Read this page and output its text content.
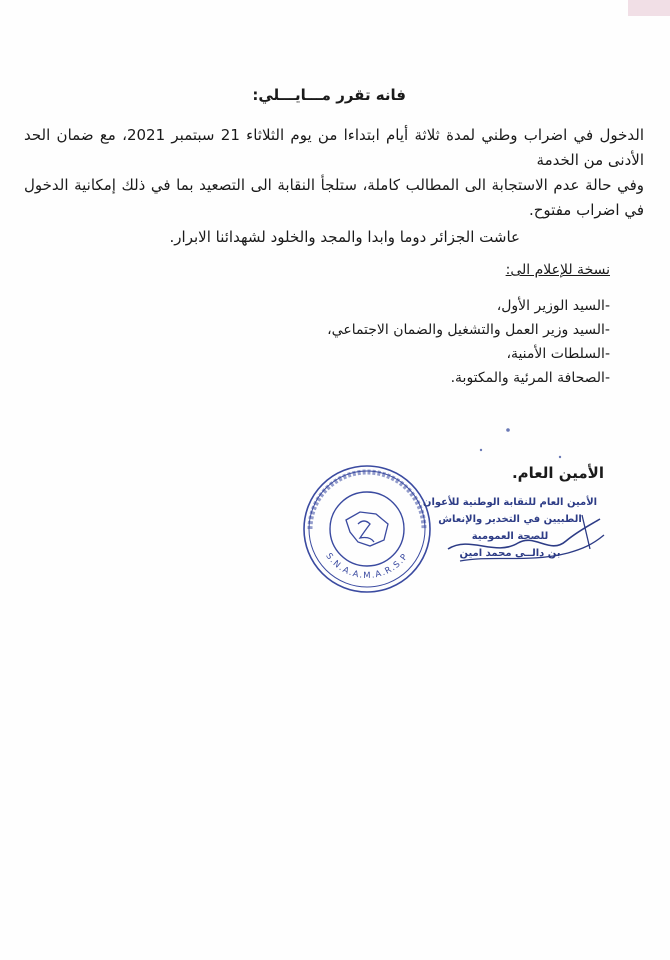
فانه تقرر مـــايـــلي:
الدخول في اضراب وطني لمدة ثلاثة أيام ابتداءا من يوم الثلاثاء 21 سبتمبر 2021، مع ضمان الحد الأدنى من الخدمة
وفي حالة عدم الاستجابة الى المطالب كاملة، ستلجأ النقابة الى التصعيد بما في ذلك إمكانية الدخول في اضراب مفتوح.
عاشت الجزائر دوما وابدا والمجد والخلود لشهدائنا الابرار.
نسخة للإعلام الى:
-السيد الوزير الأول،
-السيد وزير العمل والتشغيل والضمان الاجتماعي،
-السلطات الأمنية،
-الصحافة المرئية والمكتوبة.
الأمين العام.
S.N.A.A.M.A.R.S.P
الأمين العام للنقابة الوطنية للأعوان
الطبيين في التخدير والإنعاش
للصحة العمومية
بن دالــي محمد امين
